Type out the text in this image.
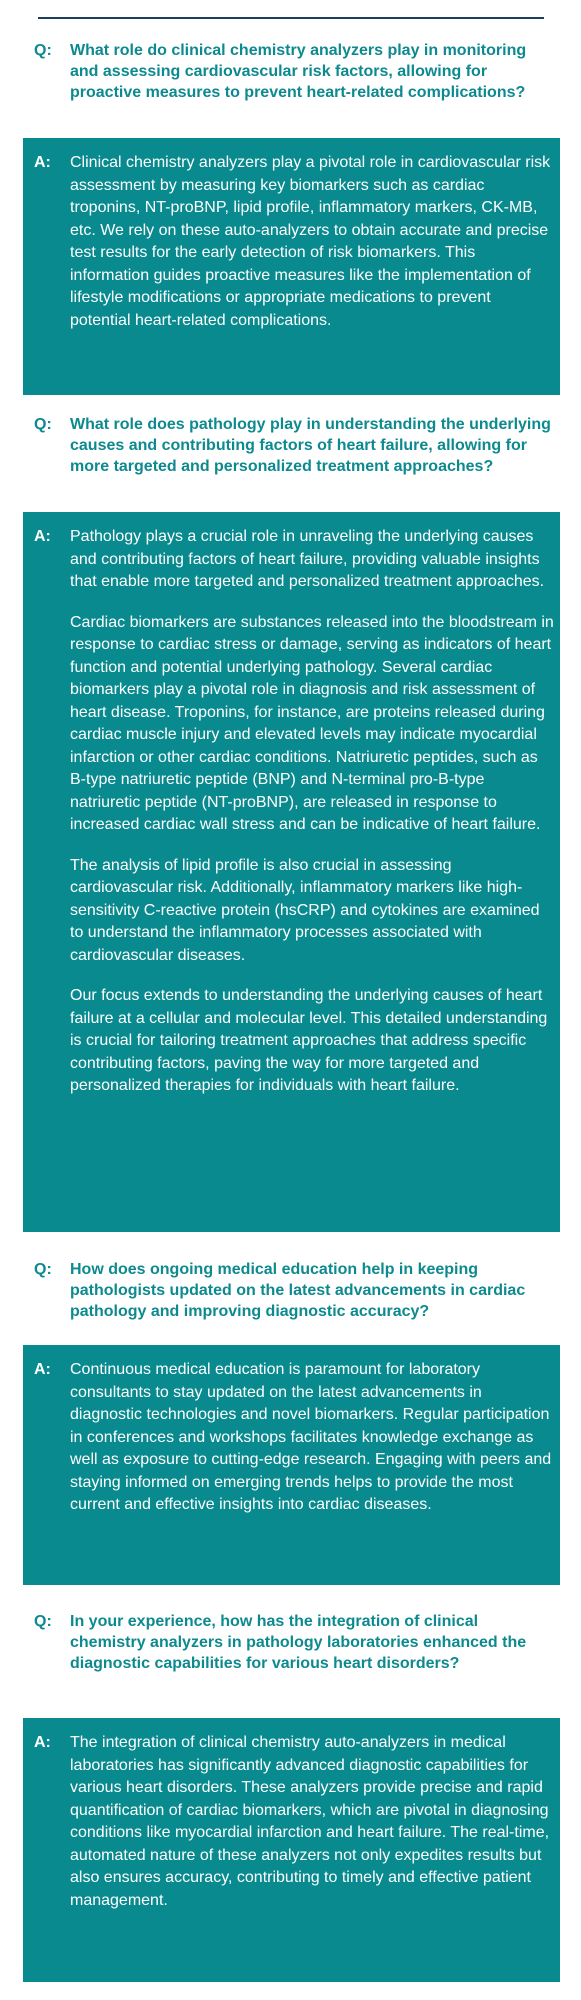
Q:	What role do clinical chemistry analyzers play in monitoring and assessing cardiovascular risk factors, allowing for proactive measures to prevent heart-related complications?
A:	Clinical chemistry analyzers play a pivotal role in cardiovascular risk assessment by measuring key biomarkers such as cardiac troponins, NT-proBNP, lipid profile, inflammatory markers, CK-MB, etc. We rely on these auto-analyzers to obtain accurate and precise test results for the early detection of risk biomarkers. This information guides proactive measures like the implementation of lifestyle modifications or appropriate medications to prevent potential heart-related complications.

Q:	What role does pathology play in understanding the underlying causes and contributing factors of heart failure, allowing for more targeted and personalized treatment approaches?
A:	Pathology plays a crucial role in unraveling the underlying causes and contributing factors of heart failure, providing valuable insights that enable more targeted and personalized treatment approaches.

Cardiac biomarkers are substances released into the bloodstream in response to cardiac stress or damage, serving as indicators of heart function and potential underlying pathology. Several cardiac biomarkers play a pivotal role in diagnosis and risk assessment of heart disease. Troponins, for instance, are proteins released during cardiac muscle injury and elevated levels may indicate myocardial infarction or other cardiac conditions. Natriuretic peptides, such as B-type natriuretic peptide (BNP) and N-terminal pro-B-type natriuretic peptide (NT-proBNP), are released in response to increased cardiac wall stress and can be indicative of heart failure.

The analysis of lipid profile is also crucial in assessing cardiovascular risk. Additionally, inflammatory markers like high-sensitivity C-reactive protein (hsCRP) and cytokines are examined to understand the inflammatory processes associated with cardiovascular diseases.

Our focus extends to understanding the underlying causes of heart failure at a cellular and molecular level. This detailed understanding is crucial for tailoring treatment approaches that address specific contributing factors, paving the way for more targeted and personalized therapies for individuals with heart failure.

Q:	How does ongoing medical education help in keeping pathologists updated on the latest advancements in cardiac pathology and improving diagnostic accuracy?
A:	Continuous medical education is paramount for laboratory consultants to stay updated on the latest advancements in diagnostic technologies and novel biomarkers. Regular participation in conferences and workshops facilitates knowledge exchange as well as exposure to cutting-edge research. Engaging with peers and staying informed on emerging trends helps to provide the most current and effective insights into cardiac diseases.

Q:	In your experience, how has the integration of clinical chemistry analyzers in pathology laboratories enhanced the diagnostic capabilities for various heart disorders?
A:	The integration of clinical chemistry auto-analyzers in medical laboratories has significantly advanced diagnostic capabilities for various heart disorders. These analyzers provide precise and rapid quantification of cardiac biomarkers, which are pivotal in diagnosing conditions like myocardial infarction and heart failure. The real-time, automated nature of these analyzers not only expedites results but also ensures accuracy, contributing to timely and effective patient management.
